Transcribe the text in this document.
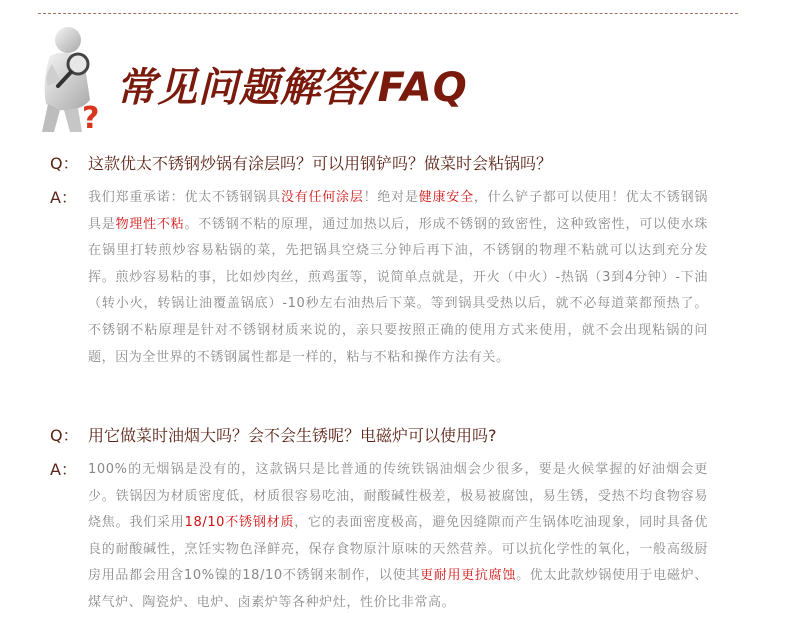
?
常见问题解答/FAQ
Q： 这款优太不锈钢炒锅有涂层吗？可以用钢铲吗？做菜时会粘锅吗？
A： 我们郑重承诺：优太不锈钢锅具没有任何涂层！绝对是健康安全，什么铲子都可以使用！优太不锈钢锅具是物理性不粘。不锈钢不粘的原理，通过加热以后，形成不锈钢的致密性，这种致密性，可以使水珠在锅里打转煎炒容易粘锅的菜，先把锅具空烧三分钟后再下油，不锈钢的物理不粘就可以达到充分发挥。煎炒容易粘的事，比如炒肉丝，煎鸡蛋等，说简单点就是，开火（中火）-热锅（3到4分钟）-下油（转小火，转锅让油覆盖锅底）-10秒左右油热后下菜。等到锅具受热以后，就不必每道菜都预热了。不锈钢不粘原理是针对不锈钢材质来说的，亲只要按照正确的使用方式来使用，就不会出现粘锅的问题，因为全世界的不锈钢属性都是一样的，粘与不粘和操作方法有关。
Q： 用它做菜时油烟大吗？会不会生锈呢？电磁炉可以使用吗?
A： 100%的无烟锅是没有的，这款锅只是比普通的传统铁锅油烟会少很多，要是火候掌握的好油烟会更少。铁锅因为材质密度低，材质很容易吃油，耐酸碱性极差，极易被腐蚀，易生锈，受热不均食物容易烧焦。我们采用18/10不锈钢材质，它的表面密度极高，避免因缝隙而产生锅体吃油现象，同时具备优良的耐酸碱性，烹饪实物色泽鲜亮，保存食物原汁原味的天然营养。可以抗化学性的氧化，一般高级厨房用品都会用含10%镍的18/10不锈钢来制作，以使其更耐用更抗腐蚀。优太此款炒锅使用于电磁炉、煤气炉、陶瓷炉、电炉、卤素炉等各种炉灶，性价比非常高。
